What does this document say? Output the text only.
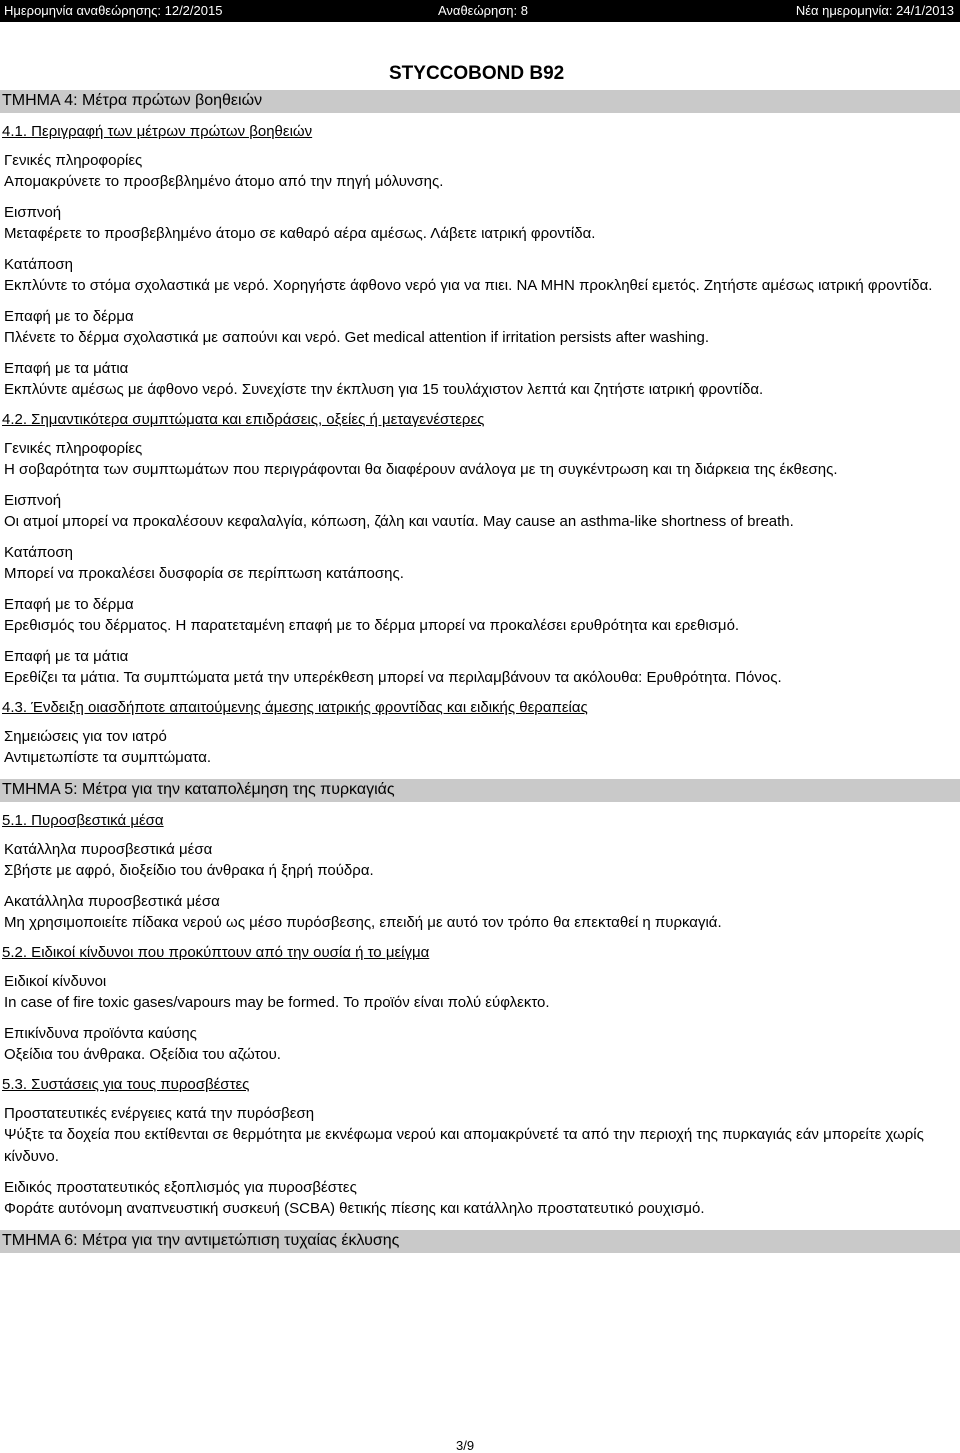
Ημερομηνία αναθεώρησης: 12/2/2015	Αναθεώρηση: 8	Νέα ημερομηνία: 24/1/2013
STYCCOBOND B92
ΤΜΗΜΑ 4: Μέτρα πρώτων βοηθειών
4.1. Περιγραφή των μέτρων πρώτων βοηθειών
Γενικές πληροφορίες
Απομακρύνετε το προσβεβλημένο άτομο από την πηγή μόλυνσης.
Εισπνοή
Μεταφέρετε το προσβεβλημένο άτομο σε καθαρό αέρα αμέσως. Λάβετε ιατρική φροντίδα.
Κατάποση
Εκπλύντε το στόμα σχολαστικά με νερό. Χορηγήστε άφθονο νερό για να πιει. ΝΑ ΜΗΝ προκληθεί εμετός. Ζητήστε αμέσως ιατρική φροντίδα.
Επαφή με το δέρμα
Πλένετε το δέρμα σχολαστικά με σαπούνι και νερό. Get medical attention if irritation persists after washing.
Επαφή με τα μάτια
Εκπλύντε αμέσως με άφθονο νερό. Συνεχίστε την έκπλυση για 15 τουλάχιστον λεπτά και ζητήστε ιατρική φροντίδα.
4.2. Σημαντικότερα συμπτώματα και επιδράσεις, οξείες ή μεταγενέστερες
Γενικές πληροφορίες
Η σοβαρότητα των συμπτωμάτων που περιγράφονται θα διαφέρουν ανάλογα με τη συγκέντρωση και τη διάρκεια της έκθεσης.
Εισπνοή
Οι ατμοί μπορεί να προκαλέσουν κεφαλαλγία, κόπωση, ζάλη και ναυτία. May cause an asthma-like shortness of breath.
Κατάποση
Μπορεί να προκαλέσει δυσφορία σε περίπτωση κατάποσης.
Επαφή με το δέρμα
Ερεθισμός του δέρματος. Η παρατεταμένη επαφή με το δέρμα μπορεί να προκαλέσει ερυθρότητα και ερεθισμό.
Επαφή με τα μάτια
Ερεθίζει τα μάτια. Τα συμπτώματα μετά την υπερέκθεση μπορεί να περιλαμβάνουν τα ακόλουθα: Ερυθρότητα. Πόνος.
4.3. Ένδειξη οιασδήποτε απαιτούμενης άμεσης ιατρικής φροντίδας και ειδικής θεραπείας
Σημειώσεις για τον ιατρό
Αντιμετωπίστε τα συμπτώματα.
ΤΜΗΜΑ 5: Μέτρα για την καταπολέμηση της πυρκαγιάς
5.1. Πυροσβεστικά μέσα
Κατάλληλα πυροσβεστικά μέσα
Σβήστε με αφρό, διοξείδιο του άνθρακα ή ξηρή πούδρα.
Ακατάλληλα πυροσβεστικά μέσα
Μη χρησιμοποιείτε πίδακα νερού ως μέσο πυρόσβεσης, επειδή με αυτό τον τρόπο θα επεκταθεί η πυρκαγιά.
5.2. Ειδικοί κίνδυνοι που προκύπτουν από την ουσία ή το μείγμα
Ειδικοί κίνδυνοι
In case of fire toxic gases/vapours may be formed. Το προϊόν είναι πολύ εύφλεκτο.
Επικίνδυνα προϊόντα καύσης
Οξείδια του άνθρακα. Οξείδια του αζώτου.
5.3. Συστάσεις για τους πυροσβέστες
Προστατευτικές ενέργειες κατά την πυρόσβεση
Ψύξτε τα δοχεία που εκτίθενται σε θερμότητα με εκνέφωμα νερού και απομακρύνετέ τα από την περιοχή της πυρκαγιάς εάν μπορείτε χωρίς κίνδυνο.
Ειδικός προστατευτικός εξοπλισμός για πυροσβέστες
Φοράτε αυτόνομη αναπνευστική συσκευή (SCBA) θετικής πίεσης και κατάλληλο προστατευτικό ρουχισμό.
ΤΜΗΜΑ 6: Μέτρα για την αντιμετώπιση τυχαίας έκλυσης
3/9
